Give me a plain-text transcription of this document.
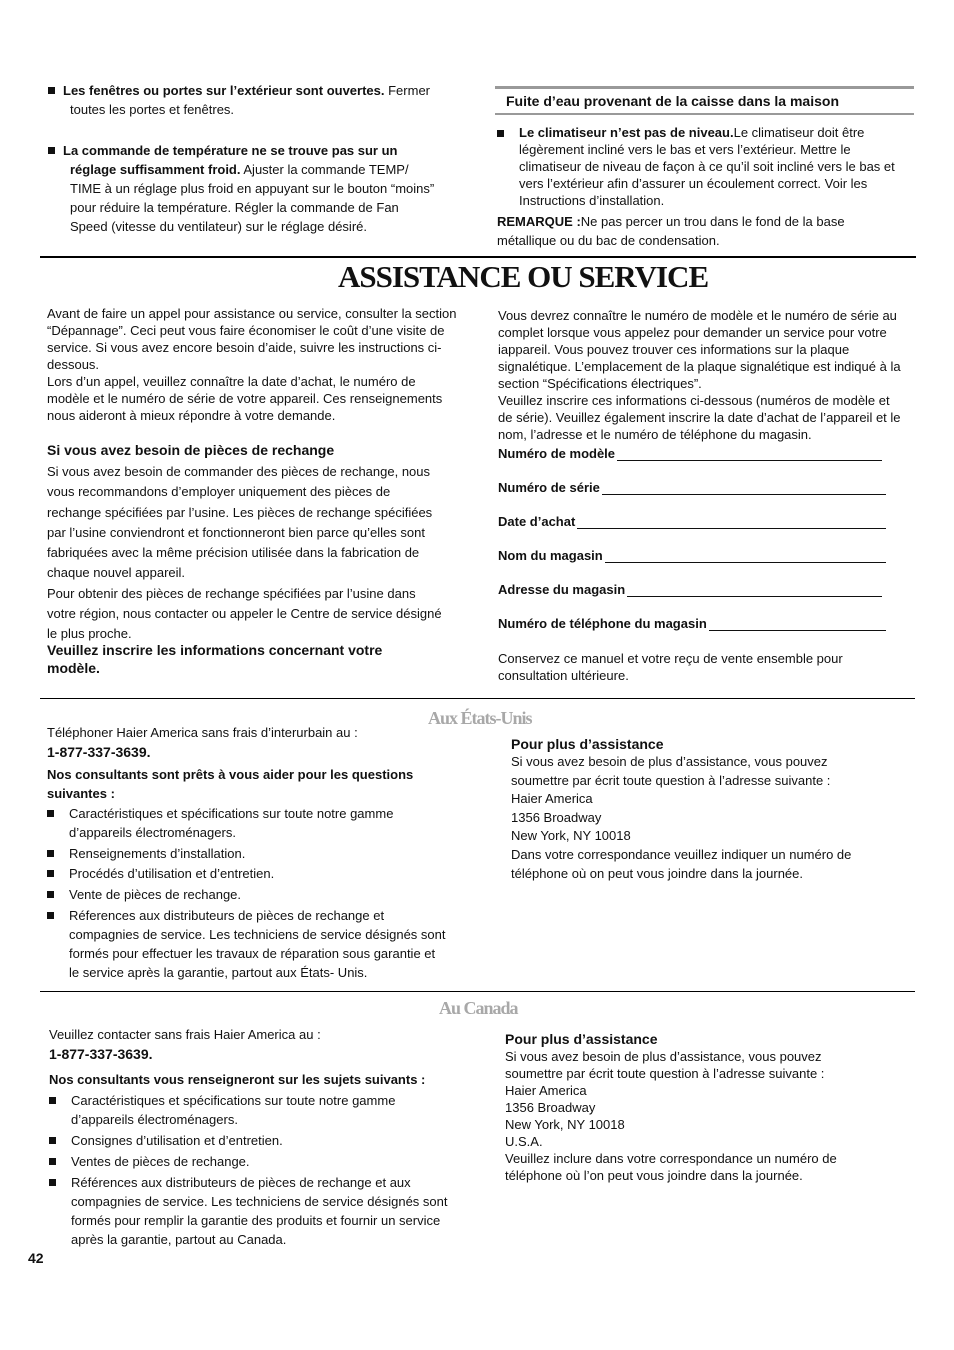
Les fenêtres ou portes sur l’extérieur sont ouvertes. Fermer
toutes les portes et fenêtres.
La commande de température ne se trouve pas sur un
réglage suffisamment froid. Ajuster la commande TEMP/
TIME à un réglage plus froid en appuyant sur le bouton “moins”
pour réduire la température. Régler la commande de Fan
Speed (vitesse du ventilateur) sur le réglage désiré.
Fuite d’eau provenant de la caisse dans la maison
Le climatiseur n’est pas de niveau.Le climatiseur doit être légèrement incliné vers le bas et vers l’extérieur. Mettre le climatiseur de niveau de façon à ce qu’il soit incliné vers le bas et vers l’extérieur afin d’assurer un écoulement correct. Voir les Instructions d’installation.
REMARQUE :Ne pas percer un trou dans le fond de la base métallique ou du bac de condensation.
ASSISTANCE OU SERVICE
Avant de faire un appel pour assistance ou service, consulter la section “Dépannage”. Ceci peut vous faire économiser le coût d’une visite de service. Si vous avez encore besoin d’aide, suivre les instructions ci-dessous.
Lors d’un appel, veuillez connaître la date d’achat, le numéro de modèle et le numéro de série de votre appareil. Ces renseignements nous aideront à mieux répondre à votre demande.
Si vous avez besoin de pièces de rechange
Si vous avez besoin de commander des pièces de rechange, nous vous recommandons d’employer uniquement des pièces de rechange spécifiées par l’usine. Les pièces de rechange spécifiées par l’usine conviendront et fonctionneront bien parce qu’elles sont fabriquées avec la même précision utilisée dans la fabrication de chaque nouvel appareil.
Pour obtenir des pièces de rechange spécifiées par l’usine dans votre région, nous contacter ou appeler le Centre de service désigné le plus proche.
Veuillez inscrire les informations concernant votre modèle.
Vous devrez connaître le numéro de modèle et le numéro de série au complet lorsque vous appelez pour demander un service pour votre iappareil. Vous pouvez trouver ces informations sur la plaque signalétique. L’emplacement de la plaque signalétique est indiqué à la section “Spécifications électriques”.
Veuillez inscrire ces informations ci-dessous (numéros de modèle et de série). Veuillez également inscrire la date d’achat de l’appareil et le nom, l’adresse et le numéro de téléphone du magasin.
Numéro de modèle
Numéro de série
Date d’achat
Nom du magasin
Adresse du magasin
Numéro de téléphone du magasin
Conservez ce manuel et votre reçu de vente ensemble pour consultation ultérieure.
Aux États-Unis
Téléphoner Haier America sans frais d’interurbain au :
1-877-337-3639.
Nos consultants sont prêts à vous aider pour les questions suivantes :
Caractéristiques et spécifications sur toute notre gamme d’appareils électroménagers.
Renseignements d’installation.
Procédés d’utilisation et d’entretien.
Vente de pièces de rechange.
Réferences aux distributeurs de pièces de rechange et compagnies de service. Les techniciens de service désignés sont formés pour effectuer les travaux de réparation sous garantie et le service après la garantie, partout aux États- Unis.
Pour plus d’assistance
Si vous avez besoin de plus d’assistance, vous pouvez
soumettre par écrit toute question à l’adresse suivante :
Haier America
1356 Broadway
New York, NY 10018
Dans votre correspondance veuillez indiquer un numéro de
téléphone où on peut vous joindre dans la journée.
Au Canada
Veuillez contacter sans frais Haier America au :
1-877-337-3639.
Nos consultants vous renseigneront sur les sujets suivants :
Caractéristiques et spécifications sur toute notre gamme d’appareils électroménagers.
Consignes d’utilisation et d’entretien.
Ventes de pièces de rechange.
Références aux distributeurs de pièces de rechange et aux compagnies de service. Les techniciens de service désignés sont formés pour remplir la garantie des produits et fournir un service après la garantie, partout au Canada.
Pour plus d’assistance
Si vous avez besoin de plus d’assistance, vous pouvez
soumettre par écrit toute question à l’adresse suivante :
Haier America
1356 Broadway
New York, NY 10018
U.S.A.
Veuillez inclure dans votre correspondance un numéro de
téléphone où l’on peut vous joindre dans la journée.
42
